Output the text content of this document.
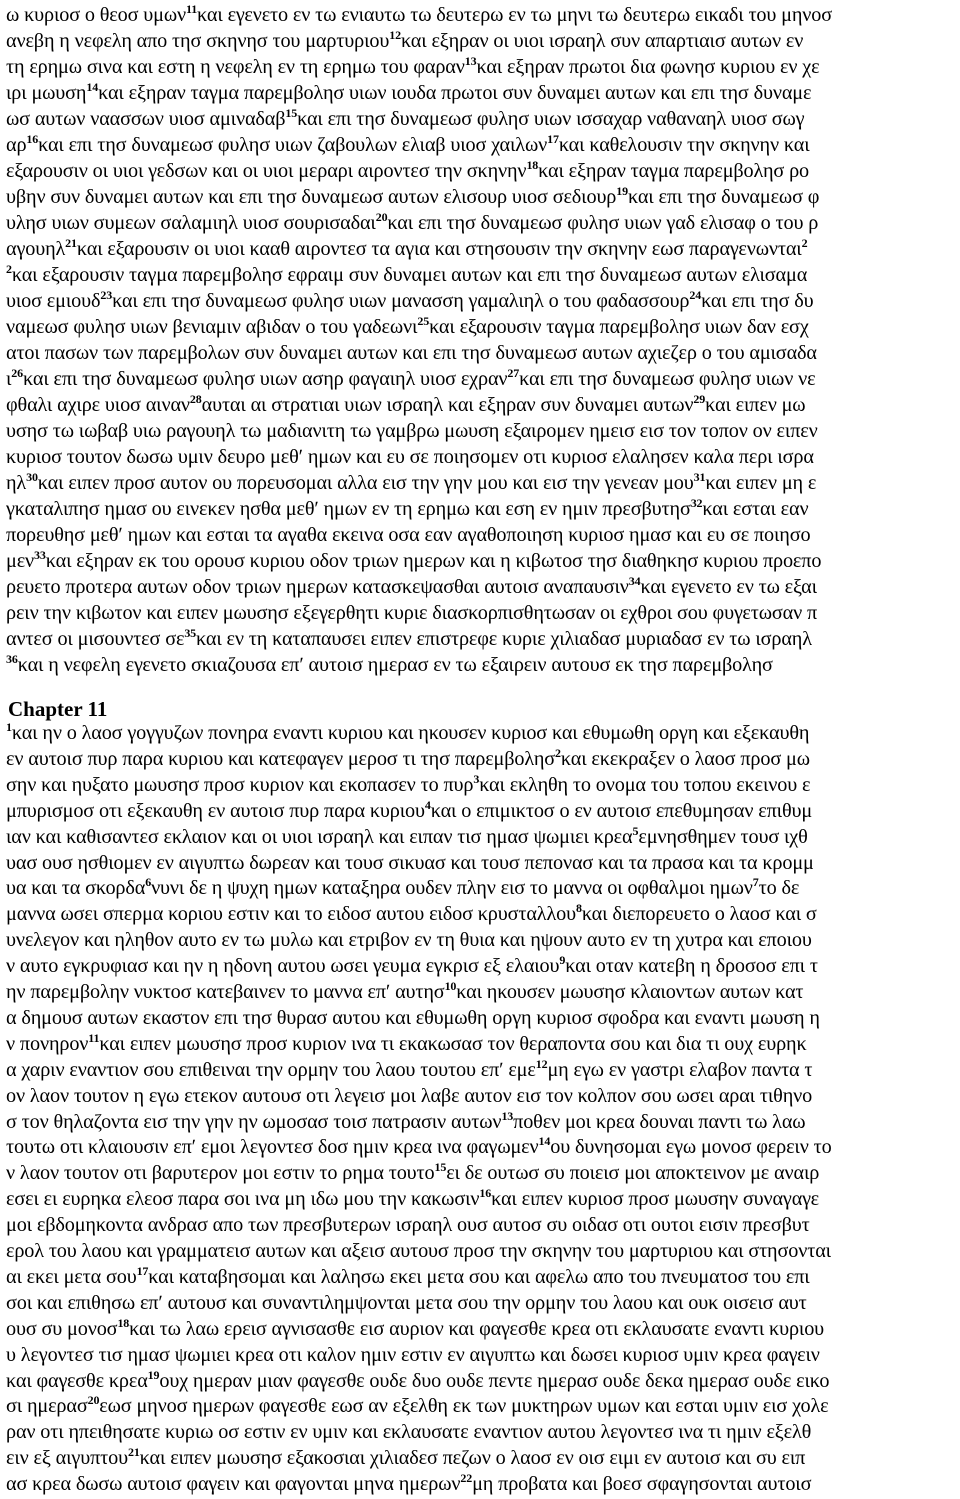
ω κυριοσ ο θεοσ υμων$^{11}$και εγενετο εν τω ενιαυτω τω δευτερω εν τω μηνι τω δευτερω εικαδι του μηνοσ
ανεβη η νεφελη απο τησ σκηνησ του μαρτυριου$^{12}$και εξηραν οι υιοι ισραηλ συν απαρτιαισ αυτων εν
τη ερημω σινα και εστη η νεφελη εν τη ερημω του φαραν$^{13}$και εξηραν πρωτοι δια φωνησ κυριου εν χε
ιρι μωυση$^{14}$και εξηραν ταγμα παρεμβολησ υιων ιουδα πρωτοι συν δυναμει αυτων και επι τησ δυναμε
ωσ αυτων ναασσων υιοσ αμιναδαβ$^{15}$και επι τησ δυναμεωσ φυλησ υιων ισσαχαρ ναθαναηλ υιοσ σωγ
$\alpha\rho^{16}\kappa\alpha\iota$ επι τησ δυναμεωσ φυλησ υιων ζαβουλων ελιαβ υιοσ χαιλων$^{17}$και καθελουσιν την σκηνην και
εξαρουσιν οι υιοι γεδσων και οι υιοι μεραρι αιροντεσ την σκηνην$^{18}$και εξηραν ταγμα παρεμβολησ ρο
υβην συν δυναμει αυτων και επι τησ δυναμεωσ αυτων ελισουρ υιοσ σεδιουρ$^{19}$και επι τησ δυναμεωσ φ
υλησ υιων συμεων σαλαμιηλ υιοσ σουρισαδαι$^{20}$και επι τησ δυναμεωσ φυλησ υιων γαδ ελισαφ ο του ρ
αγουηλ$^{21}$και εξαρουσιν οι υιοι κααθ αιροντεσ τα αγια και στησουσιν την σκηνην εωσ παραγενωνται$^2$
$^2$και εξαρουσιν ταγμα παρεμβολησ εφραιμ συν δυναμει αυτων και επι τησ δυναμεωσ αυτων ελισαμα
υιοσ εμιουδ$^{23}$και επι τησ δυναμεωσ φυλησ υιων μανασση γαμαλιηλ ο του φαδασσουρ$^{24}$και επι τησ δυ
ναμεωσ φυλησ υιων βενιαμιν αβιδαν ο του γαδεωνι$^{25}$και εξαρουσιν ταγμα παρεμβολησ υιων δαν εσχ
ατοι πασων των παρεμβολων συν δυναμει αυτων και επι τησ δυναμεωσ αυτων αχιεζερ ο του αμισαδα
$\iota^{26}\kappa\alpha\iota$ επι τησ δυναμεωσ φυλησ υιων ασηρ φαγαιηλ υιοσ εχραν$^{27}$και επι τησ δυναμεωσ φυλησ υιων νε
φθαλι αχιρε υιοσ αιναν$^{28}$αυται αι στρατιαι υιων ισραηλ και εξηραν συν δυναμει αυτων$^{29}$και ειπεν μω
υσησ τω ιωβαβ υιω ραγουηλ τω μαδιανιτη τω γαμβρω μωυση εξαιρομεν ημεισ εισ τον τοπον ον ειπεν
κυριοσ τουτον δωσω υμιν δευρο μεθʹ ημων και ευ σε ποιησομεν οτι κυριοσ ελαλησεν καλα περι ισρα
$\eta\lambda^{30}\kappa\alpha\iota$ ειπεν προσ αυτον ου πορευσομαι αλλα εισ την γην μου και εισ την γενεαν μου$^{31}$και ειπεν μη ε
γκαταλιπησ ημασ ου εινεκεν ησθα μεθʹ ημων εν τη ερημω και εση εν ημιν πρεσβυτησ$^{32}$και εσται εαν
πορευθησ μεθʹ ημων και εσται τα αγαθα εκεινα οσα εαν αγαθοποιηση κυριοσ ημασ και ευ σε ποιησο
μεν$^{33}$και εξηραν εκ του ορουσ κυριου οδον τριων ημερων και η κιβωτοσ τησ διαθηκησ κυριου προεπο
ρευετο προτερα αυτων οδον τριων ημερων κατασκεψασθαι αυτοισ αναπαυσιν$^{34}$και εγενετο εν τω εξαι
ρειν την κιβωτον και ειπεν μωυσησ εξεγερθητι κυριε διασκορπισθητωσαν οι εχθροι σου φυγετωσαν π
αντεσ οι μισουντεσ $\sigma\varepsilon^{35}\kappa\alpha\iota$ εν τη καταπαυσει ειπεν επιστρεφε κυριε χιλιαδασ μυριαδασ εν τω ισραηλ
$^{36}$και η νεφελη εγενετο σκιαζουσα επʹ αυτοισ ημερασ εν τω εξαιρειν αυτουσ εκ τησ παρεμβολησ
$^1$και ην ο λαοσ γογγυζων πονηρα εναντι κυριου και ηκουσεν κυριοσ και εθυμωθη οργη και εξεκαυθη
εν αυτοισ πυρ παρα κυριου και κατεφαγεν μεροσ τι τησ παρεμβολησ$^2$και εκεκραξεν ο λαοσ προσ μω
σην και ηυξατο μωυσησ προσ κυριον και εκοπασεν το πυρ$^3$και εκληθη το ονομα του τοπου εκεινου ε
μπυρισμοσ οτι εξεκαυθη εν αυτοισ πυρ παρα κυριου$^4$και ο επιμικτοσ ο εν αυτοισ επεθυμησαν επιθυμ
ιαν και καθισαντεσ εκλαιον και οι υιοι ισραηλ και ειπαν τισ ημασ ψωμιει κρεα$^5$εμνησθημεν τουσ ιχθ
υασ ουσ ησθιομεν εν αιγυπτω δωρεαν και τουσ σικυασ και τουσ πεπονασ και τα πρασα και τα κρομμ
υα και τα σκορδα$^6$νυνι δε η ψυχη ημων καταξηρα ουδεν πλην εισ το μαννα οι οφθαλμοι ημων$^7$το δε
μαννα ωσει σπερμα κοριου εστιν και το ειδοσ αυτου ειδοσ κρυσταλλου$^8$και διεπορευετο ο λαοσ και σ
υνελεγον και ηληθον αυτο εν τω μυλω και ετριβον εν τη θυια και ηψουν αυτο εν τη χυτρα και εποιου
ν αυτο εγκρυφιασ και ην η ηδονη αυτου ωσει γευμα εγκρισ εξ ελαιου$^9$και οταν κατεβη η δροσοσ επι τ
ην παρεμβολην νυκτοσ κατεβαινεν το μαννα επʹ αυτησ$^{10}$και ηκουσεν μωυσησ κλαιοντων αυτων κατ
α δημουσ αυτων εκαστον επι τησ θυρασ αυτου και εθυμωθη οργη κυριοσ σφοδρα και εναντι μωυση η
ν πονηρον$^{11}$και ειπεν μωυσησ προσ κυριον ινα τι εκακωσασ τον θεραποντα σου και δια τι ουχ ευρηκ
α χαριν εναντιον σου επιθειναι την ορμην του λαου τουτου επʹ εμε$^{12}$μη εγω εν γαστρι ελαβον παντα τ
ον λαον τουτον η εγω ετεκον αυτουσ οτι λεγεισ μοι λαβε αυτον εισ τον κολπον σου ωσει αραι τιθηνο
σ τον θηλαζοντα εισ την γην ην ωμοσασ τοισ πατρασιν αυτων$^{13}$ποθεν μοι κρεα δουναι παντι τω λαω
τουτω οτι κλαιουσιν επʹ εμοι λεγοντεσ δοσ ημιν κρεα ινα φαγωμεν$^{14}$ου δυνησομαι εγω μονοσ φερειν το
ν λαον τουτον οτι βαρυτερον μοι εστιν το ρημα τουτο$^{15}$ει δε ουτωσ συ ποιεισ μοι αποκτεινον με αναιρ
εσει ει ευρηκα ελεοσ παρα σοι ινα μη ιδω μου την κακωσιν$^{16}$και ειπεν κυριοσ προσ μωυσην συναγαγε
μοι εβδομηκοντα ανδρασ απο των πρεσβυτερων ισραηλ ουσ αυτοσ συ οιδασ οτι ουτοι εισιν πρεσβυτ
ερολ του λαου και γραμματεισ αυτων και αξεισ αυτουσ προσ την σκηνην του μαρτυριου και στησονται
αι εκει μετα σου$^{17}$και καταβησομαι και λαλησω εκει μετα σου και αφελω απο του πνευματοσ του επι
σοι και επιθησω επʹ αυτουσ και συναντιλημψονται μετα σου την ορμην του λαου και ουκ οισεισ αυτ
ουσ συ μονοσ$^{18}$και τω λαω ερεισ αγνισασθε εισ αυριον και φαγεσθε κρεα οτι εκλαυσατε εναντι κυριου
υ λεγοντεσ τισ ημασ ψωμιει κρεα οτι καλον ημιν εστιν εν αιγυπτω και δωσει κυριοσ υμιν κρεα φαγειν
και φαγεσθε κρεα$^{19}$ουχ ημεραν μιαν φαγεσθε ουδε δυο ουδε πεντε ημερασ ουδε δεκα ημερασ ουδε εικο
σι ημερασ$^{20}$εωσ μηνοσ ημερων φαγεσθε εωσ αν εξελθη εκ των μυκτηρων υμων και εσται υμιν εισ χολε
ραν οτι ηπειθησατε κυριω οσ εστιν εν υμιν και εκλαυσατε εναντιον αυτου λεγοντεσ ινα τι ημιν εξελθ
ειν εξ αιγυπτου$^{21}$και ειπεν μωυσησ εξακοσιαι χιλιαδεσ πεζων ο λαοσ εν οισ ειμι εν αυτοισ και συ ειπ
ασ κρεα δωσω αυτοισ φαγειν και φαγονται μηνα ημερων$^{22}$μη προβατα και βοεσ σφαγησονται αυτοισ
Chapter 11
